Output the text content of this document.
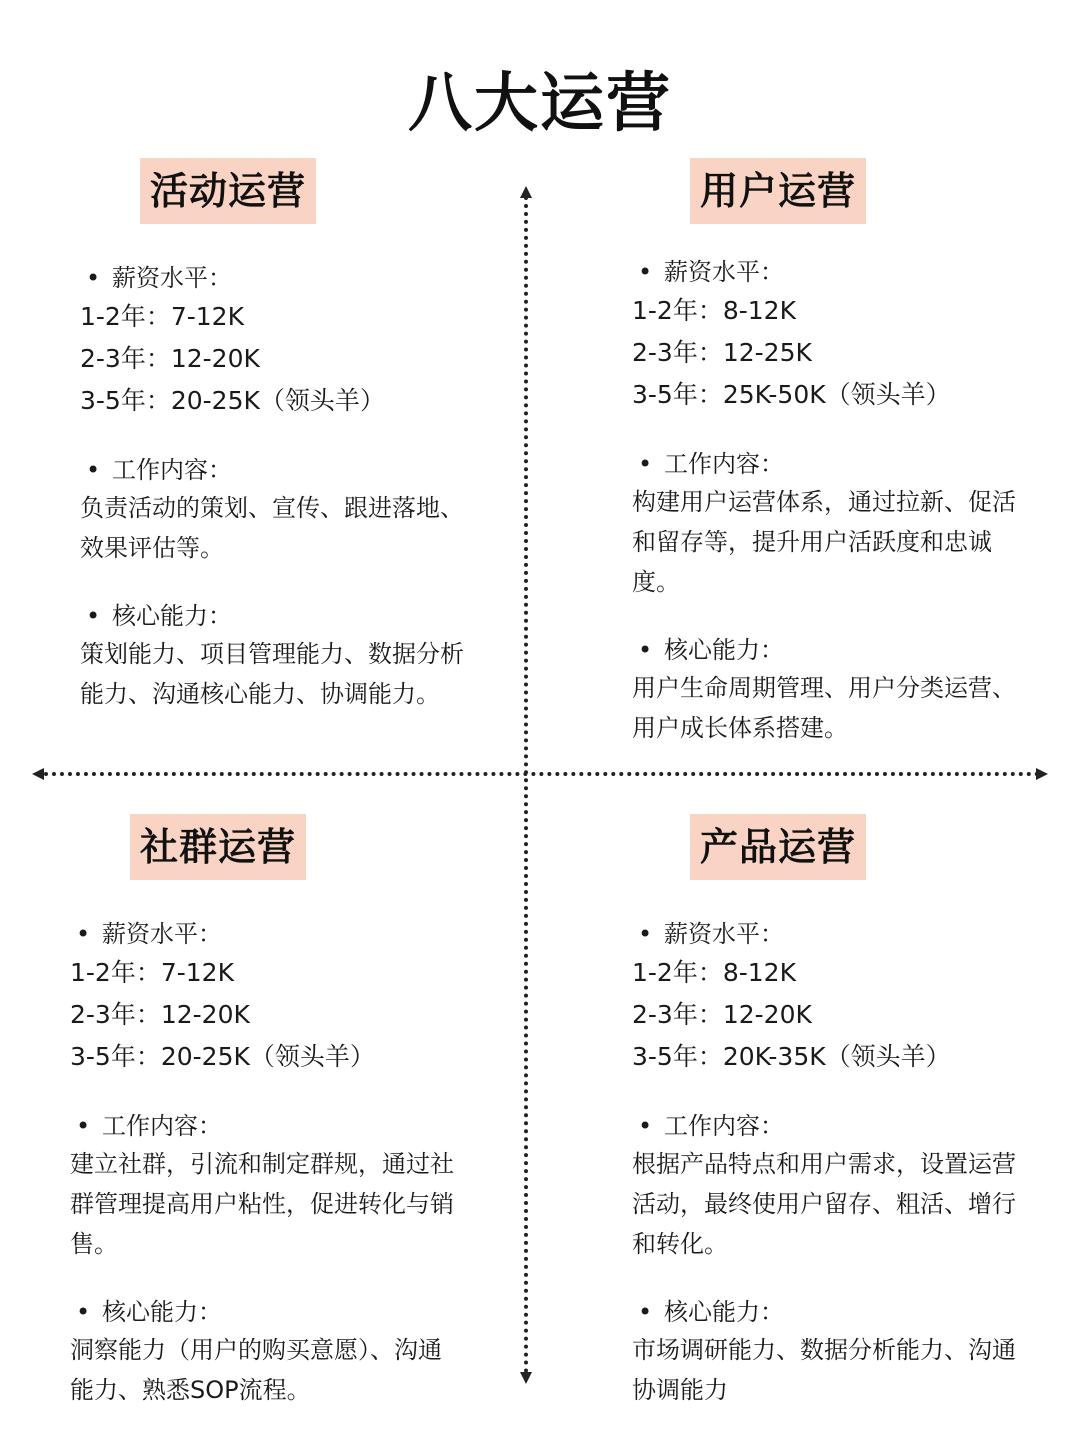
八大运营
活动运营
• 薪资水平：
1-2年：7-12K
2-3年：12-20K
3-5年：20-25K（领头羊）
• 工作内容：
负责活动的策划、宣传、跟进落地、效果评估等。
• 核心能力：
策划能力、项目管理能力、数据分析能力、沟通核心能力、协调能力。
用户运营
• 薪资水平：
1-2年：8-12K
2-3年：12-25K
3-5年：25K-50K（领头羊）
• 工作内容：
构建用户运营体系，通过拉新、促活和留存等，提升用户活跃度和忠诚度。
• 核心能力：
用户生命周期管理、用户分类运营、用户成长体系搭建。
社群运营
• 薪资水平：
1-2年：7-12K
2-3年：12-20K
3-5年：20-25K（领头羊）
• 工作内容：
建立社群，引流和制定群规，通过社群管理提高用户粘性，促进转化与销售。
• 核心能力：
洞察能力（用户的购买意愿）、沟通能力、熟悉SOP流程。
产品运营
• 薪资水平：
1-2年：8-12K
2-3年：12-20K
3-5年：20K-35K（领头羊）
• 工作内容：
根据产品特点和用户需求，设置运营活动，最终使用户留存、粗活、增行和转化。
• 核心能力：
市场调研能力、数据分析能力、沟通协调能力
